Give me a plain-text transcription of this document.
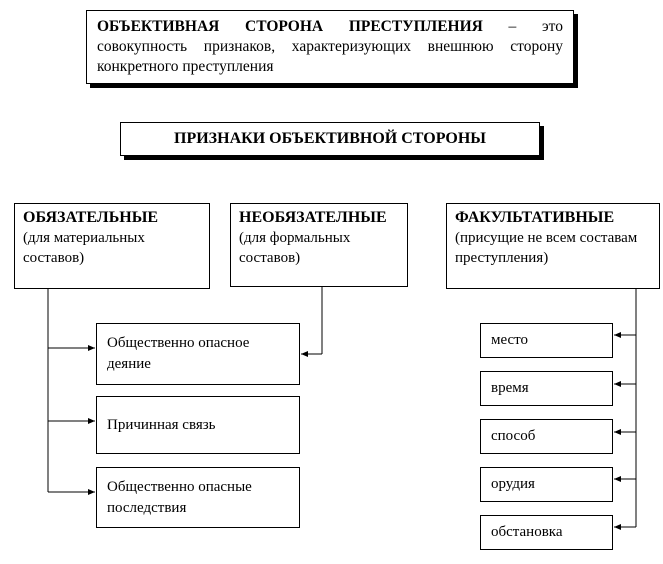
ОБЪЕКТИВНАЯ СТОРОНА ПРЕСТУПЛЕНИЯ – это совокупность признаков, характеризующих внешнюю сторону конкретного преступления

ПРИЗНАКИ ОБЪЕКТИВНОЙ СТОРОНЫ
ОБЯЗАТЕЛЬНЫЕ
(для материальных составов)
НЕОБЯЗАТЕЛНЫЕ
(для формальных составов)
ФАКУЛЬТАТИВНЫЕ
(присущие не всем составам преступления)
Общественно опасное деяние
Причинная связь
Общественно опасные последствия
место
время
способ
орудия
обстановка
